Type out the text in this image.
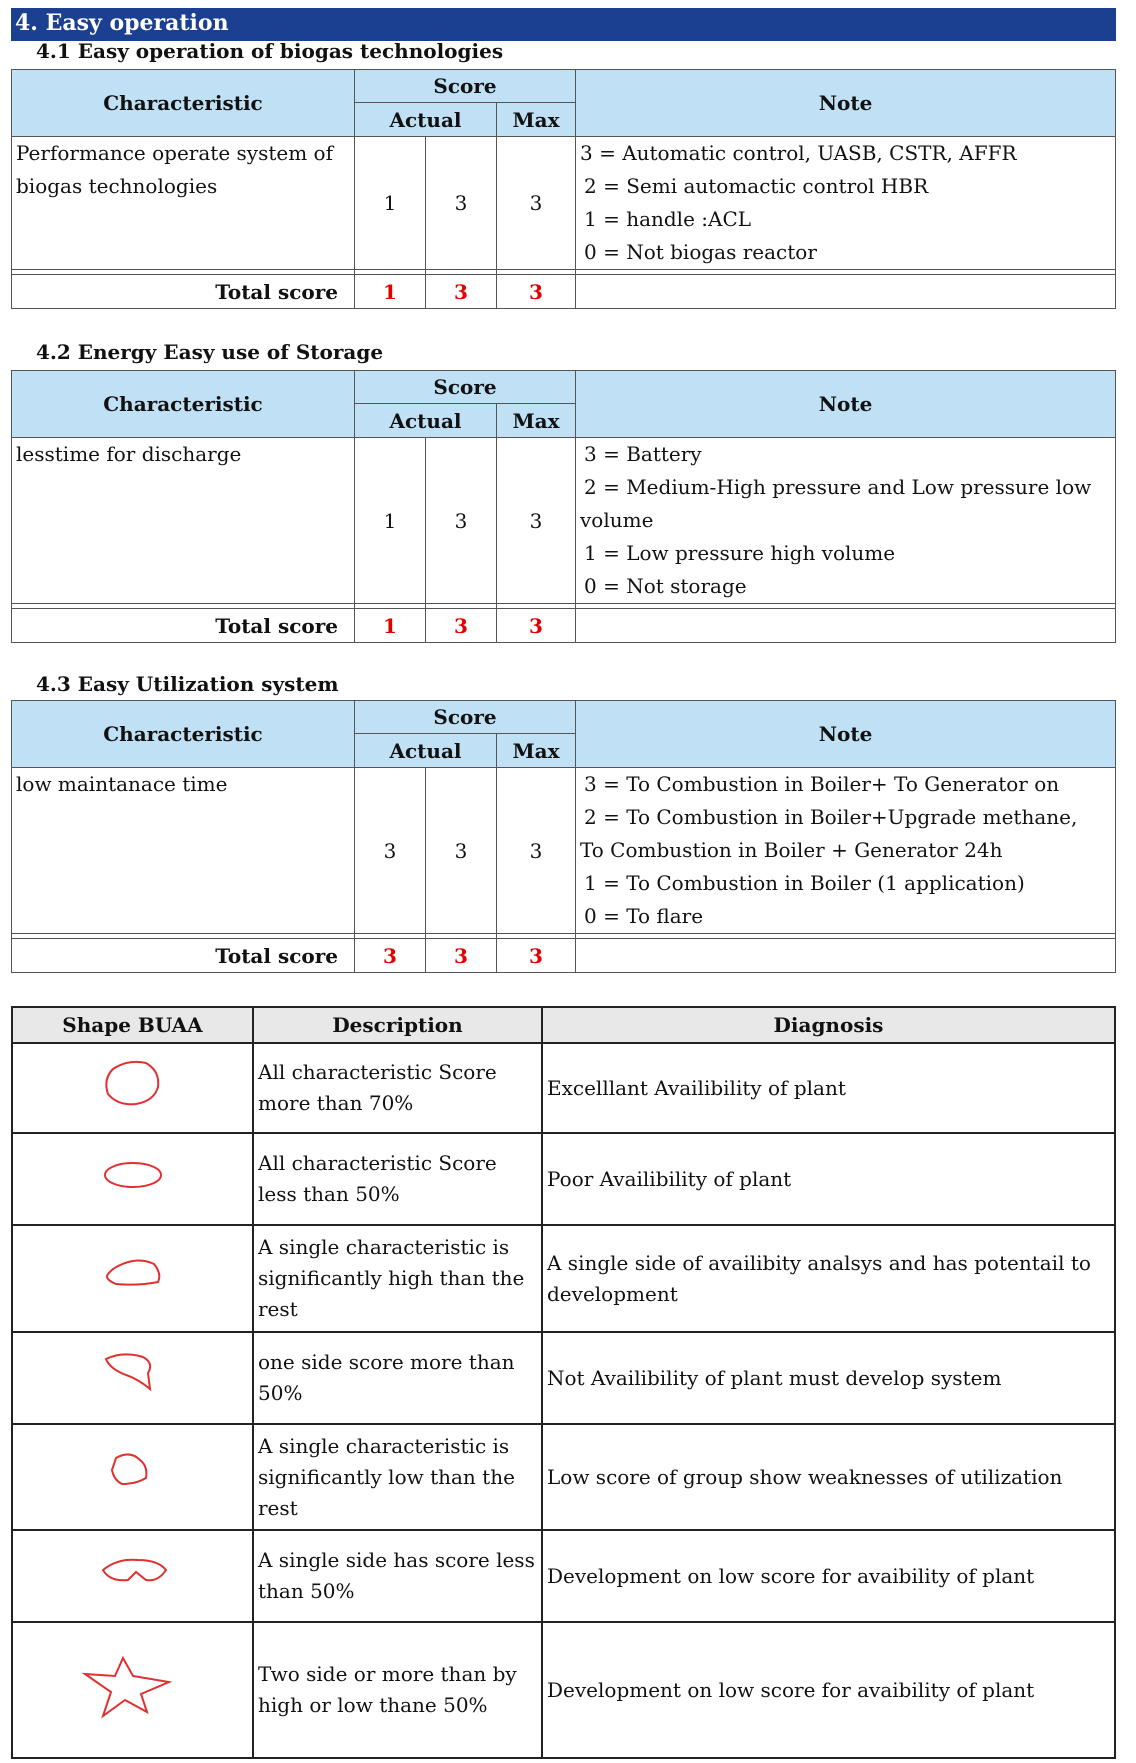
4. Easy operation
4.1 Easy operation of biogas technologies
Characteristic	Score			Note
	Actual		Max	
Performance operate system of biogas technologies	1	3	3	3 = Automatic control, UASB, CSTR, AFFR
2 = Semi automactic control HBR
1 = handle :ACL
0 = Not biogas reactor

Total score	1	3	3	
4.2 Energy Easy use of Storage
Characteristic	Score			Note
	Actual		Max	
lesstime for discharge	1	3	3	3 = Battery
2 = Medium-High pressure and Low pressure low
volume
1 = Low pressure high volume
0 = Not storage

Total score	1	3	3	
4.3 Easy Utilization system
Characteristic	Score			Note
	Actual		Max	
low maintanace time	3	3	3	3 = To Combustion in Boiler+ To Generator on
2 = To Combustion in Boiler+Upgrade methane,
To Combustion in Boiler + Generator 24h
1 = To Combustion in Boiler (1 application)
0 = To flare

Total score	3	3	3	
Shape BUAA	Description	Diagnosis
	All characteristic Score more than 70%	Excelllant Availibility of plant
	All characteristic Score less than 50%	Poor Availibility of plant
	A single characteristic is significantly high than the rest	A single side of availibity analsys and has potentail to development
	one side score more than 50%	Not Availibility of plant must develop system
	A single characteristic is significantly low than the rest	Low score of group show weaknesses of utilization
	A single side has score less than 50%	Development on low score for avaibility of plant
	Two side or more than by high or low thane 50%	Development on low score for avaibility of plant
